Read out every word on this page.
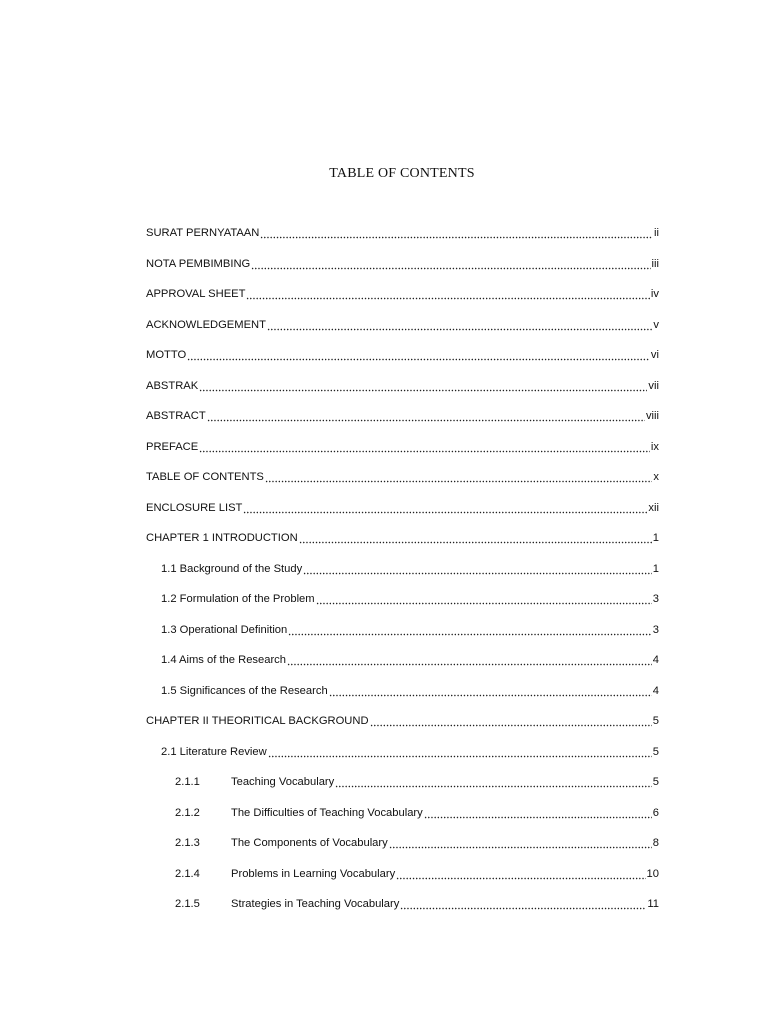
TABLE OF CONTENTS
SURAT PERNYATAAN	ii
NOTA PEMBIMBING	iii
APPROVAL SHEET	iv
ACKNOWLEDGEMENT	v
MOTTO	vi
ABSTRAK	vii
ABSTRACT	viii
PREFACE	ix
TABLE OF CONTENTS	x
ENCLOSURE LIST	xii
CHAPTER 1 INTRODUCTION	1
1.1 Background of the Study	1
1.2 Formulation of the Problem	3
1.3 Operational Definition	3
1.4 Aims of the Research	4
1.5 Significances of the Research	4
CHAPTER II THEORITICAL BACKGROUND	5
2.1 Literature Review	5
2.1.1	Teaching Vocabulary	5
2.1.2	The Difficulties of Teaching Vocabulary	6
2.1.3	The Components of Vocabulary	8
2.1.4	Problems in Learning Vocabulary	10
2.1.5	Strategies in Teaching Vocabulary	11
